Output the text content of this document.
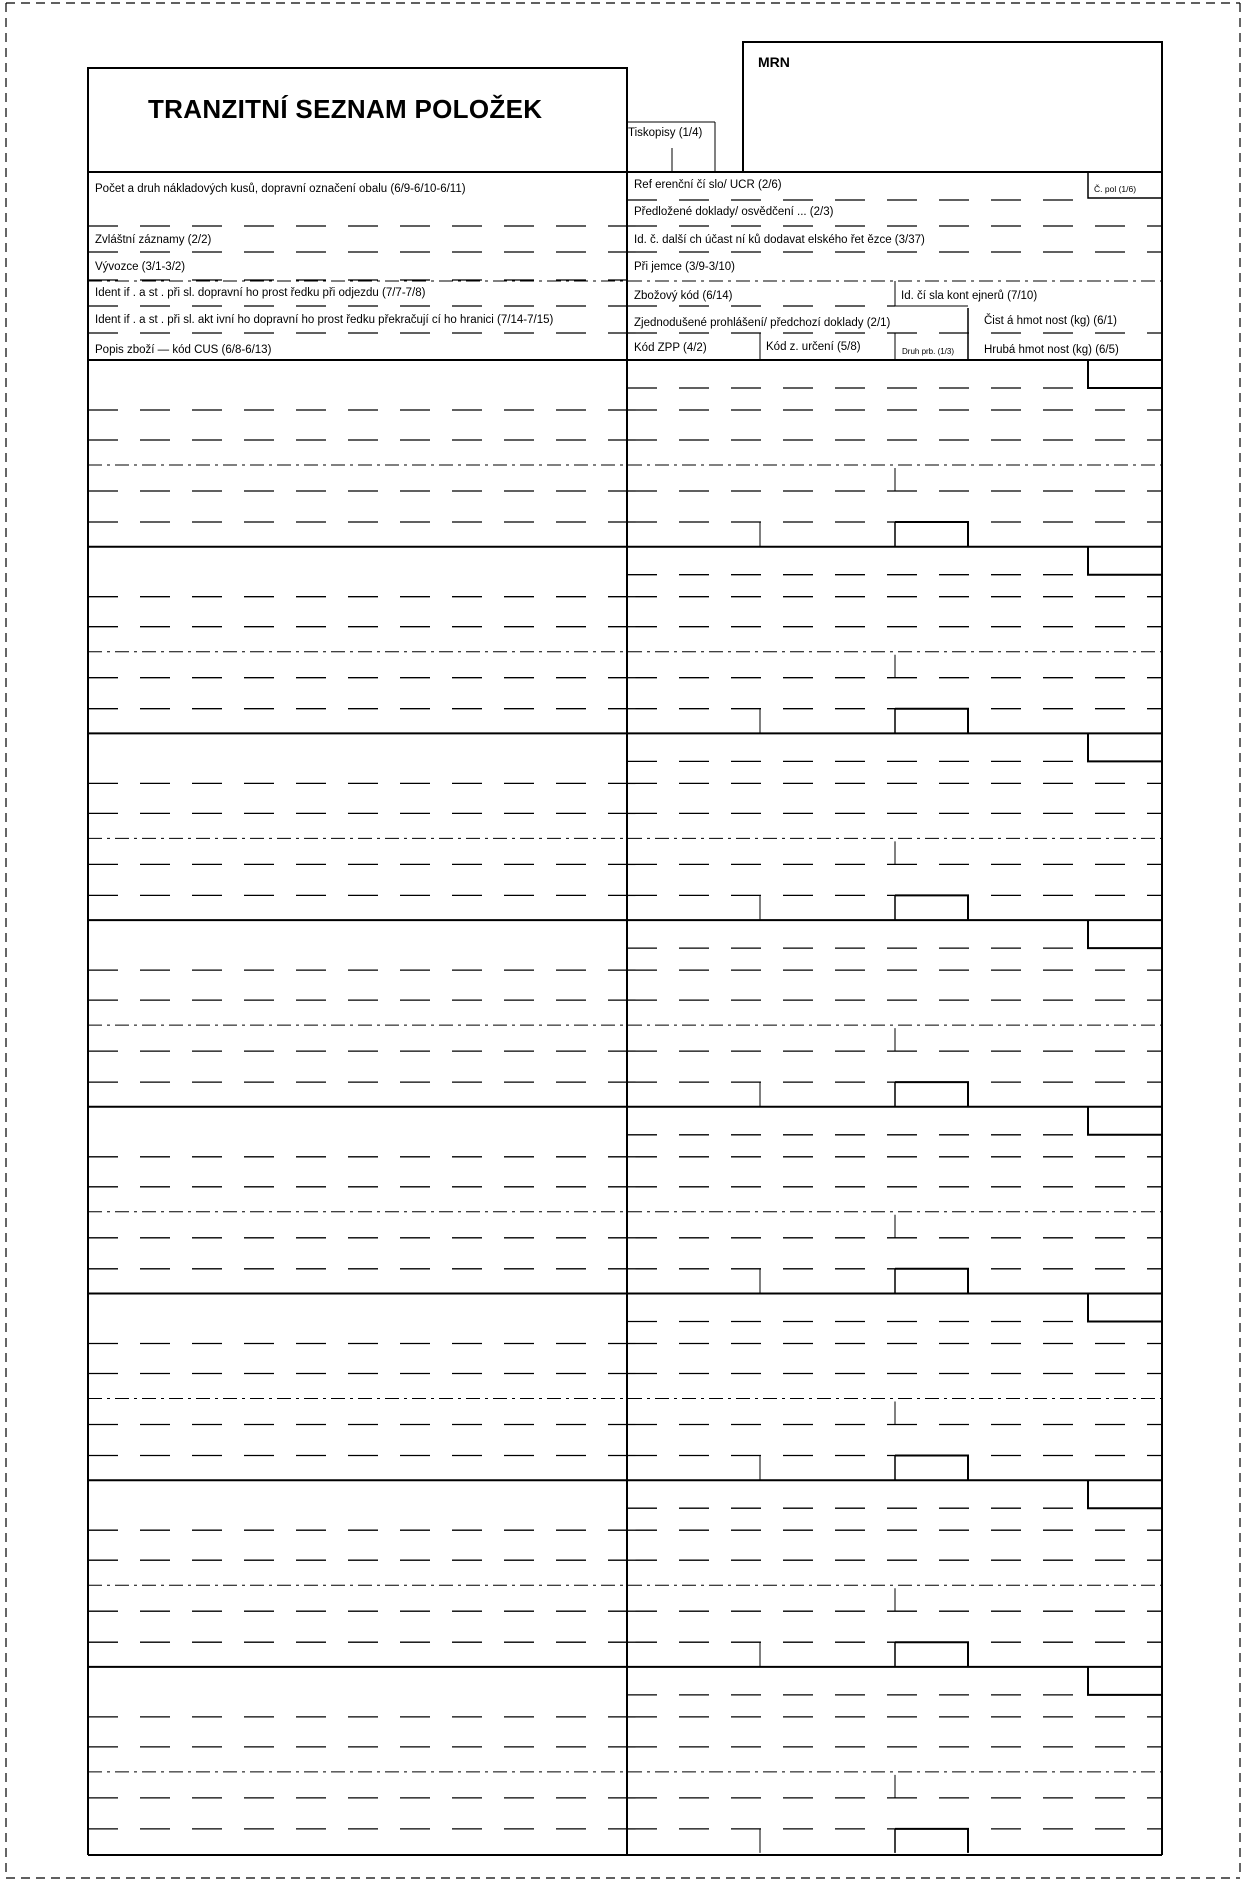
TRANZITNÍ SEZNAM POLOŽEK
MRN
Tiskopisy (1/4)
Počet a druh nákladových kusů, dopravní označení obalu (6/9-6/10-6/11)
Zvláštní záznamy (2/2)
Vývozce (3/1-3/2)
Ident if . a st . při sl. dopravní ho prost ředku při odjezdu (7/7-7/8)
Ident if . a st . při sl. akt ivní ho dopravní ho prost ředku překračují cí ho hranici (7/14-7/15)
Popis zboží — kód CUS (6/8-6/13)
Ref erenční čí slo/ UCR (2/6)	Č. pol (1/6)
Předložené doklady/ osvědčení ... (2/3)
Id. č. další ch účast ní ků dodavat elského řet ězce (3/37)
Při jemce (3/9-3/10)
Zbožový kód (6/14)	Id. čí sla kont ejnerů (7/10)
Zjednodušené prohlášení/ předchozí doklady (2/1)	Čist á hmot nost (kg) (6/1)
Kód ZPP (4/2)	Kód z. určení (5/8)	Druh prb. (1/3)	Hrubá hmot nost (kg) (6/5)
